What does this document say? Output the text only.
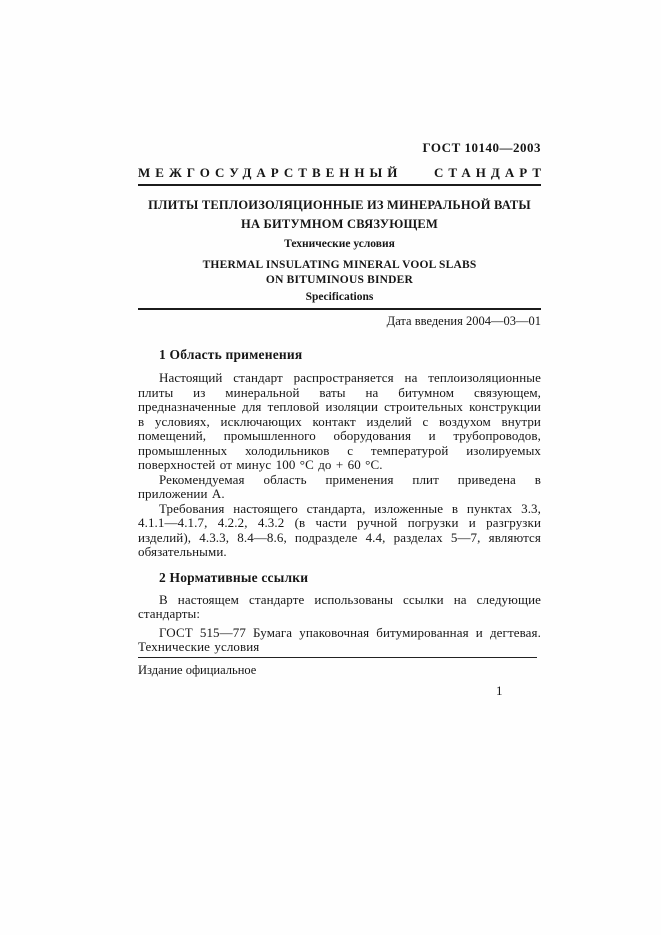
ГОСТ 10140—2003
МЕЖГОСУДАРСТВЕННЫЙ СТАНДАРТ
ПЛИТЫ ТЕПЛОИЗОЛЯЦИОННЫЕ ИЗ МИНЕРАЛЬНОЙ ВАТЫ
НА БИТУМНОМ СВЯЗУЮЩЕМ
Технические условия
THERMAL INSULATING MINERAL VOOL SLABS
ON BITUMINOUS BINDER
Specifications
Дата введения 2004—03—01
1 Область применения

Настоящий стандарт распространяется на теплоизоляционные плиты из минеральной ваты на битумном связующем, предназначенные для тепловой изоляции строительных конструкции в условиях, исключающих контакт изделий с воздухом внутри помещений, промышленного оборудования и трубопроводов, промышленных холодильников с температурой изолируемых поверхностей от минус 100 °С до + 60 °С.

Рекомендуемая область применения плит приведена в приложении А.

Требования настоящего стандарта, изложенные в пунктах 3.3, 4.1.1—4.1.7, 4.2.2, 4.3.2 (в части ручной погрузки и разгрузки изделий), 4.3.3, 8.4—8.6, подразделе 4.4, разделах 5—7, являются обязательными.

2 Нормативные ссылки

В настоящем стандарте использованы ссылки на следующие стандарты:

ГОСТ 515—77 Бумага упаковочная битумированная и дегтевая. Технические условия

Издание официальное
1
